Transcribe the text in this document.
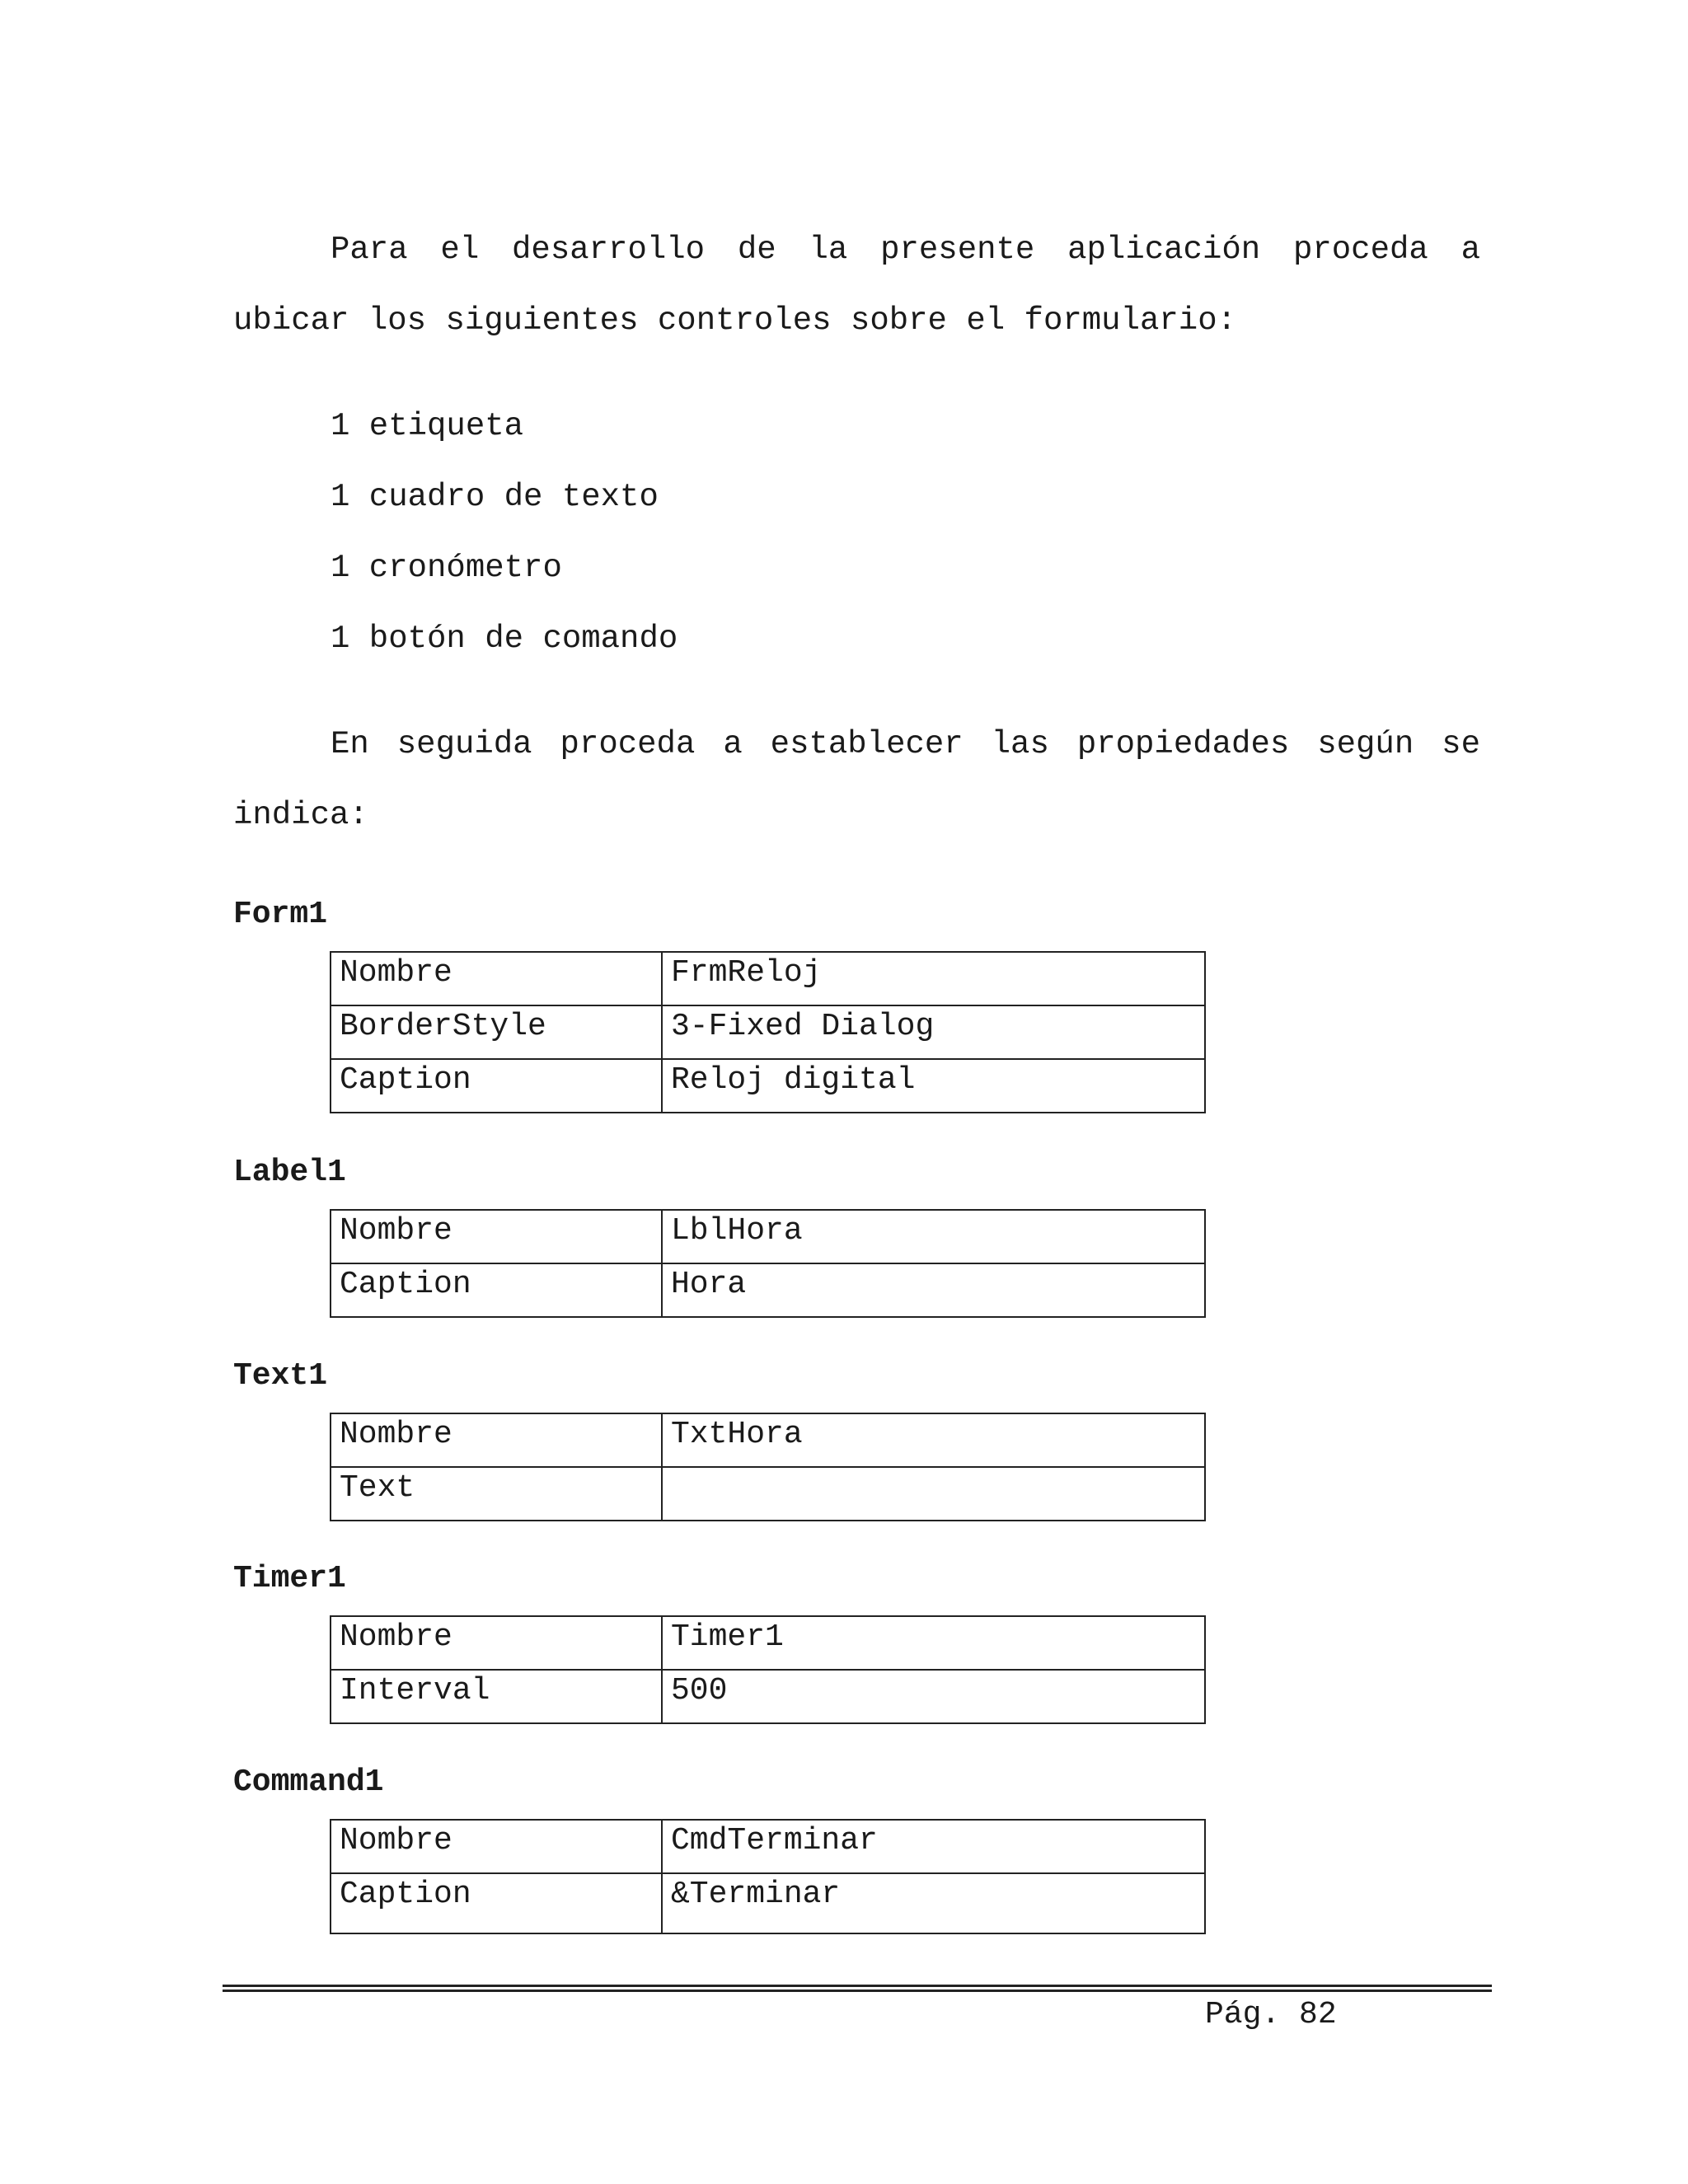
Para el desarrollo de la presente aplicación proceda a ubicar los siguientes controles sobre el formulario:

1 etiqueta
1 cuadro de texto
1 cronómetro
1 botón de comando

En seguida proceda a establecer las propiedades según se indica:

Form1
Nombre	FrmReloj
BorderStyle	3-Fixed Dialog
Caption	Reloj digital
Label1
Nombre	LblHora
Caption	Hora
Text1
Nombre	TxtHora
Text	
Timer1
Nombre	Timer1
Interval	500
Command1
Nombre	CmdTerminar
Caption	&Terminar
Pág. 82
